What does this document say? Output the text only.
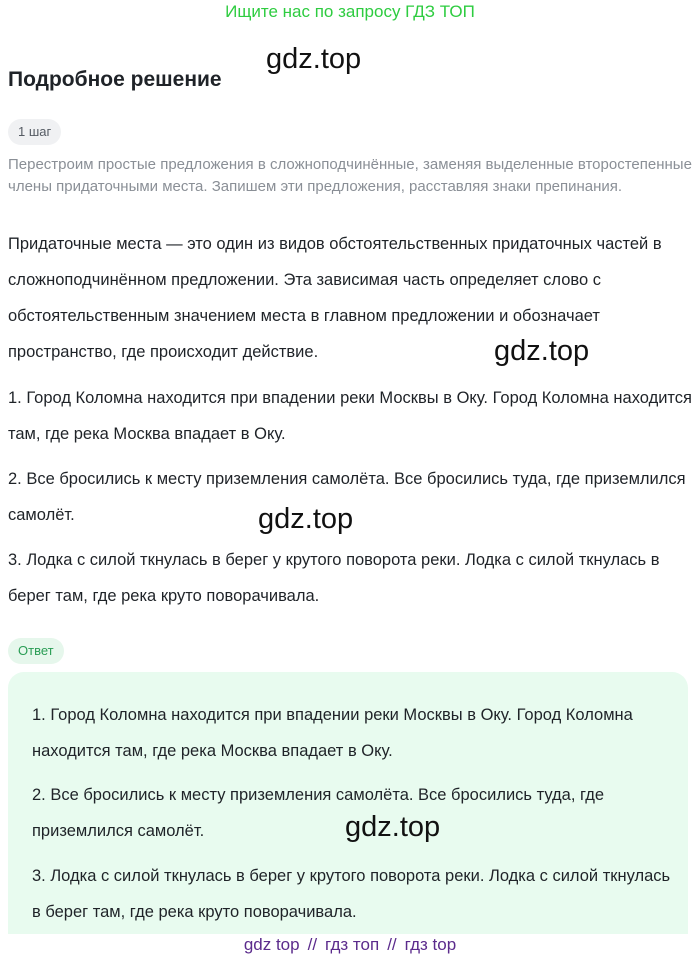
Ищите нас по запросу ГДЗ ТОП
gdz.top
Подробное решение
1 шаг

Перестроим простые предложения в сложноподчинённые, заменяя выделенные второстепенные члены придаточными места. Запишем эти предложения, расставляя знаки препинания.

Придаточные места — это один из видов обстоятельственных придаточных частей в сложноподчинённом предложении. Эта зависимая часть определяет слово с обстоятельственным значением места в главном предложении и обозначает пространство, где происходит действие.	gdz.top

1. Город Коломна находится при впадении реки Москвы в Оку. Город Коломна находится там, где река Москва впадает в Оку.

2. Все бросились к месту приземления самолёта. Все бросились туда, где приземлился самолёт.	gdz.top

3. Лодка с силой ткнулась в берег у крутого поворота реки. Лодка с силой ткнулась в берег там, где река круто поворачивала.

Ответ

1. Город Коломна находится при впадении реки Москвы в Оку. Город Коломна находится там, где река Москва впадает в Оку.

2. Все бросились к месту приземления самолёта. Все бросились туда, где приземлился самолёт.	gdz.top

3. Лодка с силой ткнулась в берег у крутого поворота реки. Лодка с силой ткнулась в берег там, где река круто поворачивала.

gdz top // гдз топ // гдз top
